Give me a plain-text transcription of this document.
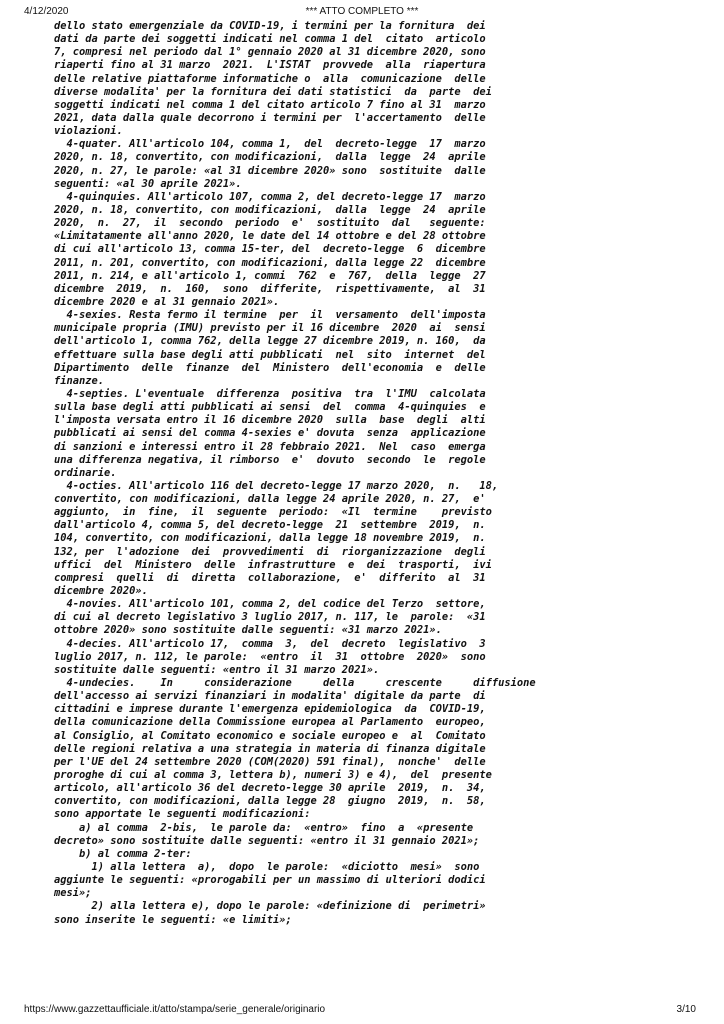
4/12/2020	*** ATTO COMPLETO ***
dello stato emergenziale da COVID-19, i termini per la fornitura  dei
dati da parte dei soggetti indicati nel comma 1 del  citato  articolo
7, compresi nel periodo dal 1° gennaio 2020 al 31 dicembre 2020, sono
riaperti fino al 31 marzo  2021.  L'ISTAT  provvede  alla  riapertura
delle relative piattaforme informatiche o  alla  comunicazione  delle
diverse modalita' per la fornitura dei dati statistici  da  parte  dei
soggetti indicati nel comma 1 del citato articolo 7 fino al 31  marzo
2021, data dalla quale decorrono i termini per  l'accertamento  delle
violazioni.
4-quater. All'articolo 104, comma 1,  del  decreto-legge  17  marzo
2020, n. 18, convertito, con modificazioni,  dalla  legge  24  aprile
2020, n. 27, le parole: «al 31 dicembre 2020» sono  sostituite  dalle
seguenti: «al 30 aprile 2021».
4-quinquies. All'articolo 107, comma 2, del decreto-legge 17  marzo
2020, n. 18, convertito, con modificazioni,  dalla  legge  24  aprile
2020,  n.  27,  il  secondo  periodo  e'  sostituito  dal   seguente:
«Limitatamente all'anno 2020, le date del 14 ottobre e del 28 ottobre
di cui all'articolo 13, comma 15-ter, del  decreto-legge  6  dicembre
2011, n. 201, convertito, con modificazioni, dalla legge 22  dicembre
2011, n. 214, e all'articolo 1, commi  762  e  767,  della  legge  27
dicembre  2019,  n.  160,  sono  differite,  rispettivamente,  al  31
dicembre 2020 e al 31 gennaio 2021».
4-sexies. Resta fermo il termine  per  il  versamento  dell'imposta
municipale propria (IMU) previsto per il 16 dicembre  2020  ai  sensi
dell'articolo 1, comma 762, della legge 27 dicembre 2019, n. 160,  da
effettuare sulla base degli atti pubblicati  nel  sito  internet  del
Dipartimento  delle  finanze  del  Ministero  dell'economia  e  delle
finanze.
4-septies. L'eventuale  differenza  positiva  tra  l'IMU  calcolata
sulla base degli atti pubblicati ai sensi  del  comma  4-quinquies  e
l'imposta versata entro il 16 dicembre 2020  sulla  base  degli  alti
pubblicati ai sensi del comma 4-sexies e' dovuta  senza  applicazione
di sanzioni e interessi entro il 28 febbraio 2021.  Nel  caso  emerga
una differenza negativa, il rimborso  e'  dovuto  secondo  le  regole
ordinarie.
4-octies. All'articolo 116 del decreto-legge 17 marzo 2020,  n.   18,
convertito, con modificazioni, dalla legge 24 aprile 2020, n. 27,  e'
aggiunto,  in  fine,  il  seguente  periodo:  «Il  termine    previsto
dall'articolo 4, comma 5, del decreto-legge  21  settembre  2019,  n.
104, convertito, con modificazioni, dalla legge 18 novembre 2019,  n.
132, per  l'adozione  dei  provvedimenti  di  riorganizzazione  degli
uffici  del  Ministero  delle  infrastrutture  e  dei  trasporti,  ivi
compresi  quelli  di  diretta  collaborazione,  e'  differito  al  31
dicembre 2020».
4-novies. All'articolo 101, comma 2, del codice del Terzo  settore,
di cui al decreto legislativo 3 luglio 2017, n. 117, le  parole:  «31
ottobre 2020» sono sostituite dalle seguenti: «31 marzo 2021».
4-decies. All'articolo 17,  comma  3,  del  decreto  legislativo  3
luglio 2017, n. 112, le parole:  «entro  il  31  ottobre  2020»  sono
sostituite dalle seguenti: «entro il 31 marzo 2021».
4-undecies.    In     considerazione     della     crescente     diffusione
dell'accesso ai servizi finanziari in modalita' digitale da parte  di
cittadini e imprese durante l'emergenza epidemiologica  da  COVID-19,
della comunicazione della Commissione europea al Parlamento  europeo,
al Consiglio, al Comitato economico e sociale europeo e  al  Comitato
delle regioni relativa a una strategia in materia di finanza digitale
per l'UE del 24 settembre 2020 (COM(2020) 591 final),  nonche'  delle
proroghe di cui al comma 3, lettera b), numeri 3) e 4),  del  presente
articolo, all'articolo 36 del decreto-legge 30 aprile  2019,  n.  34,
convertito, con modificazioni, dalla legge 28  giugno  2019,  n.  58,
sono apportate le seguenti modificazioni:
a) al comma  2-bis,  le parole da:  «entro»  fino  a  «presente
decreto» sono sostituite dalle seguenti: «entro il 31 gennaio 2021»;
b) al comma 2-ter:
1) alla lettera  a),  dopo  le parole:  «diciotto  mesi»  sono
aggiunte le seguenti: «prorogabili per un massimo di ulteriori dodici
mesi»;
2) alla lettera e), dopo le parole: «definizione di  perimetri»
sono inserite le seguenti: «e limiti»;
https://www.gazzettaufficiale.it/atto/stampa/serie_generale/originario	3/10
